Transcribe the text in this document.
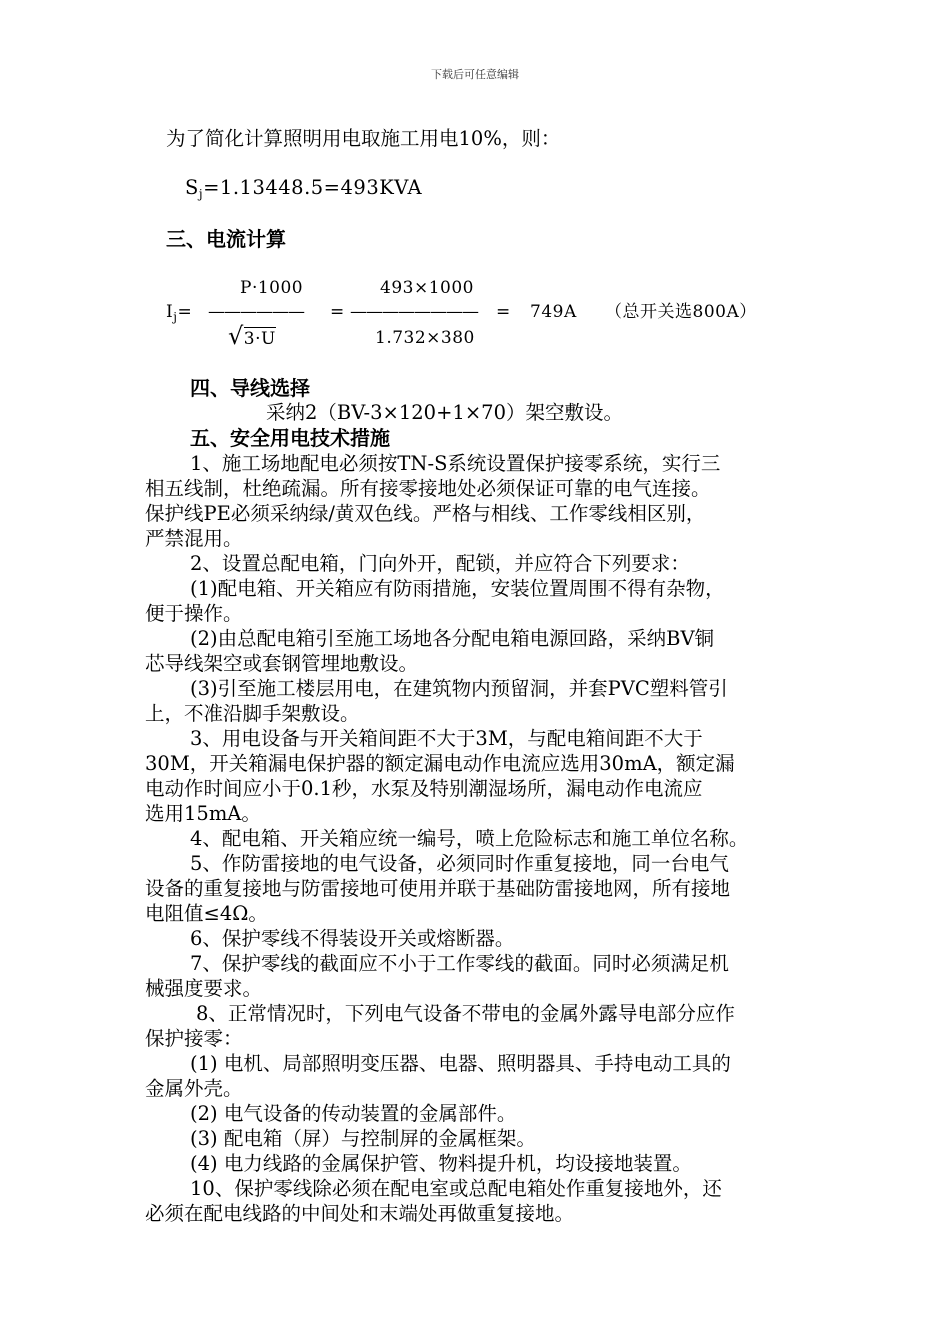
下载后可任意编辑
为了简化计算照明用电取施工用电10%，则：
$S_j=1.13448.5=493KVA$
三、电流计算
P·1000	493×1000
$I_j=$ —————— = ———————— = 749A （总开关选800A）
√3·U	1.732×380
四、导线选择
采纳2（BV-3×120+1×70）架空敷设。
五、安全用电技术措施
1、施工场地配电必须按TN-S系统设置保护接零系统，实行三
相五线制，杜绝疏漏。所有接零接地处必须保证可靠的电气连接。
保护线PE必须采纳绿/黄双色线。严格与相线、工作零线相区别，
严禁混用。
2、设置总配电箱，门向外开，配锁，并应符合下列要求：
(1)配电箱、开关箱应有防雨措施，安装位置周围不得有杂物，
便于操作。
(2)由总配电箱引至施工场地各分配电箱电源回路，采纳BV铜
芯导线架空或套钢管埋地敷设。
(3)引至施工楼层用电，在建筑物内预留洞，并套PVC塑料管引
上，不准沿脚手架敷设。
3、用电设备与开关箱间距不大于3M，与配电箱间距不大于
30M，开关箱漏电保护器的额定漏电动作电流应选用30mA，额定漏
电动作时间应小于0.1秒，水泵及特别潮湿场所，漏电动作电流应
选用15mA。
4、配电箱、开关箱应统一编号，喷上危险标志和施工单位名称。
5、作防雷接地的电气设备，必须同时作重复接地，同一台电气
设备的重复接地与防雷接地可使用并联于基础防雷接地网，所有接地
电阻值≤4Ω。
6、保护零线不得装设开关或熔断器。
7、保护零线的截面应不小于工作零线的截面。同时必须满足机
械强度要求。
8、正常情况时，下列电气设备不带电的金属外露导电部分应作
保护接零：
(1) 电机、局部照明变压器、电器、照明器具、手持电动工具的
金属外壳。
(2) 电气设备的传动装置的金属部件。
(3) 配电箱（屏）与控制屏的金属框架。
(4) 电力线路的金属保护管、物料提升机，均设接地装置。
10、保护零线除必须在配电室或总配电箱处作重复接地外，还
必须在配电线路的中间处和末端处再做重复接地。
